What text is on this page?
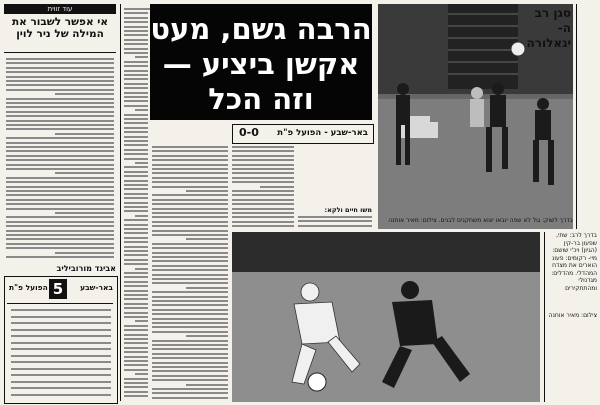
עוד זווית
אי אפשר לשבור את המילה של ניר לוין
אביגד מורוביליב
5	באר-שבע
הפועל פ"ת
הרבה גשם, מעט אקשן ביציע — וזה הכל
0-0 באר-שבע - הפועל פ"ת
משו חיים ולקא:
סגן רב
ה-
יגאלורה
בדרך לשוק: גול לא שפה יובאו יצוא משחקנים לבנים. צילום: מאיר אוחנה
בדרך לרב: שתי, שפעון בר-קין (הגיון) ויכ'י שושם: מיי- רקומים: פעונ הוארים את מצדח המהדלי. מהדלים: מגדנולי ומהתתקירים
צילום: מאיר אוחנה
